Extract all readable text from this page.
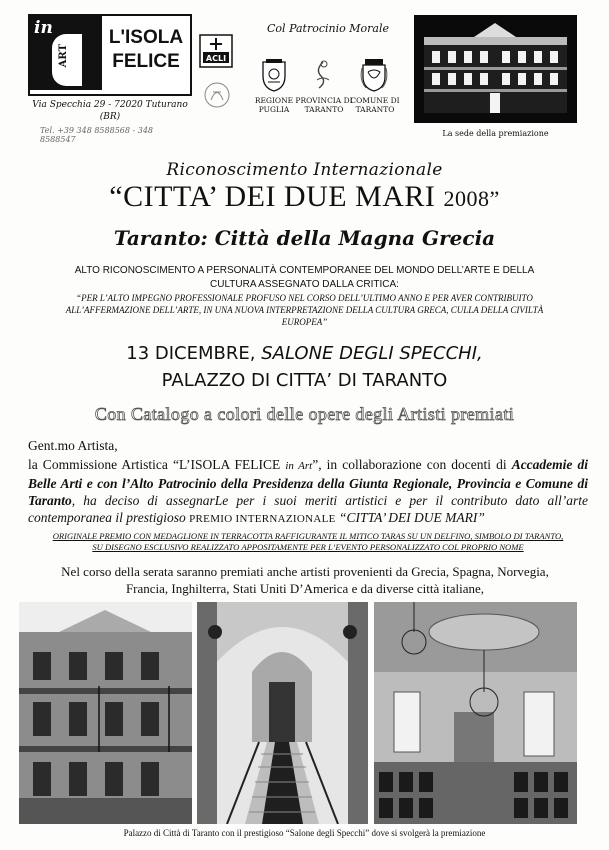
in
ART
L'ISOLA
FELICE
Via Specchia 29 - 72020 Tuturano
(BR)
Tel. +39 348 8588568 - 348 8588547
ACLI
Col Patrocinio Morale
REGIONE
PUGLIA
PROVINCIA DI
TARANTO
COMUNE DI
TARANTO
La sede della premiazione
Riconoscimento Internazionale
“CITTA’ DEI DUE MARI 2008”
Taranto: Città della Magna Grecia
ALTO RICONOSCIMENTO A PERSONALITÀ CONTEMPORANEE DEL MONDO DELL’ARTE E DELLA
CULTURA ASSEGNATO DALLA CRITICA:
“PER L’ALTO IMPEGNO PROFESSIONALE PROFUSO NEL CORSO DELL’ULTIMO ANNO E PER AVER CONTRIBUITO ALL’AFFERMAZIONE DELL’ARTE, IN UNA NUOVA INTERPRETAZIONE DELLA CULTURA GRECA, CULLA DELLA CIVILTÀ EUROPEA”
13 DICEMBRE, SALONE DEGLI SPECCHI,
PALAZZO DI CITTA’ DI TARANTO
Con Catalogo a colori delle opere degli Artisti premiati
Gent.mo Artista,
la Commissione Artistica “L’ISOLA FELICE in Art”, in collaborazione con docenti di Accademie di Belle Arti e con l’Alto Patrocinio della Presidenza della Giunta Regionale, Provincia e Comune di Taranto, ha deciso di assegnarLe per i suoi meriti artistici e per il contributo dato all’arte contemporanea il prestigioso PREMIO INTERNAZIONALE “CITTA’ DEI DUE MARI”
ORIGINALE PREMIO CON MEDAGLIONE IN TERRACOTTA RAFFIGURANTE IL MITICO TARAS SU UN DELFINO, SIMBOLO DI TARANTO,
SU DISEGNO ESCLUSIVO REALIZZATO APPOSITAMENTE PER L’EVENTO PERSONALIZZATO COL PROPRIO NOME
Nel corso della serata saranno premiati anche artisti provenienti da Grecia, Spagna, Norvegia,
Francia, Inghilterra, Stati Uniti D’America e da diverse città italiane,
Palazzo di Città di Taranto con il prestigioso “Salone degli Specchi” dove si svolgerà la premiazione
